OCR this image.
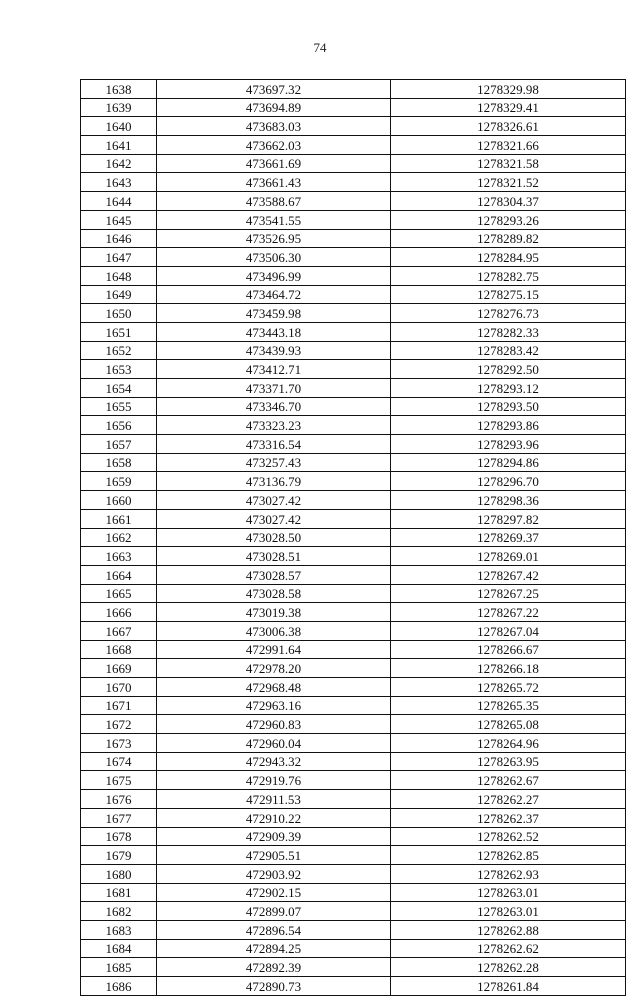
74
1638	473697.32	1278329.98
1639	473694.89	1278329.41
1640	473683.03	1278326.61
1641	473662.03	1278321.66
1642	473661.69	1278321.58
1643	473661.43	1278321.52
1644	473588.67	1278304.37
1645	473541.55	1278293.26
1646	473526.95	1278289.82
1647	473506.30	1278284.95
1648	473496.99	1278282.75
1649	473464.72	1278275.15
1650	473459.98	1278276.73
1651	473443.18	1278282.33
1652	473439.93	1278283.42
1653	473412.71	1278292.50
1654	473371.70	1278293.12
1655	473346.70	1278293.50
1656	473323.23	1278293.86
1657	473316.54	1278293.96
1658	473257.43	1278294.86
1659	473136.79	1278296.70
1660	473027.42	1278298.36
1661	473027.42	1278297.82
1662	473028.50	1278269.37
1663	473028.51	1278269.01
1664	473028.57	1278267.42
1665	473028.58	1278267.25
1666	473019.38	1278267.22
1667	473006.38	1278267.04
1668	472991.64	1278266.67
1669	472978.20	1278266.18
1670	472968.48	1278265.72
1671	472963.16	1278265.35
1672	472960.83	1278265.08
1673	472960.04	1278264.96
1674	472943.32	1278263.95
1675	472919.76	1278262.67
1676	472911.53	1278262.27
1677	472910.22	1278262.37
1678	472909.39	1278262.52
1679	472905.51	1278262.85
1680	472903.92	1278262.93
1681	472902.15	1278263.01
1682	472899.07	1278263.01
1683	472896.54	1278262.88
1684	472894.25	1278262.62
1685	472892.39	1278262.28
1686	472890.73	1278261.84
